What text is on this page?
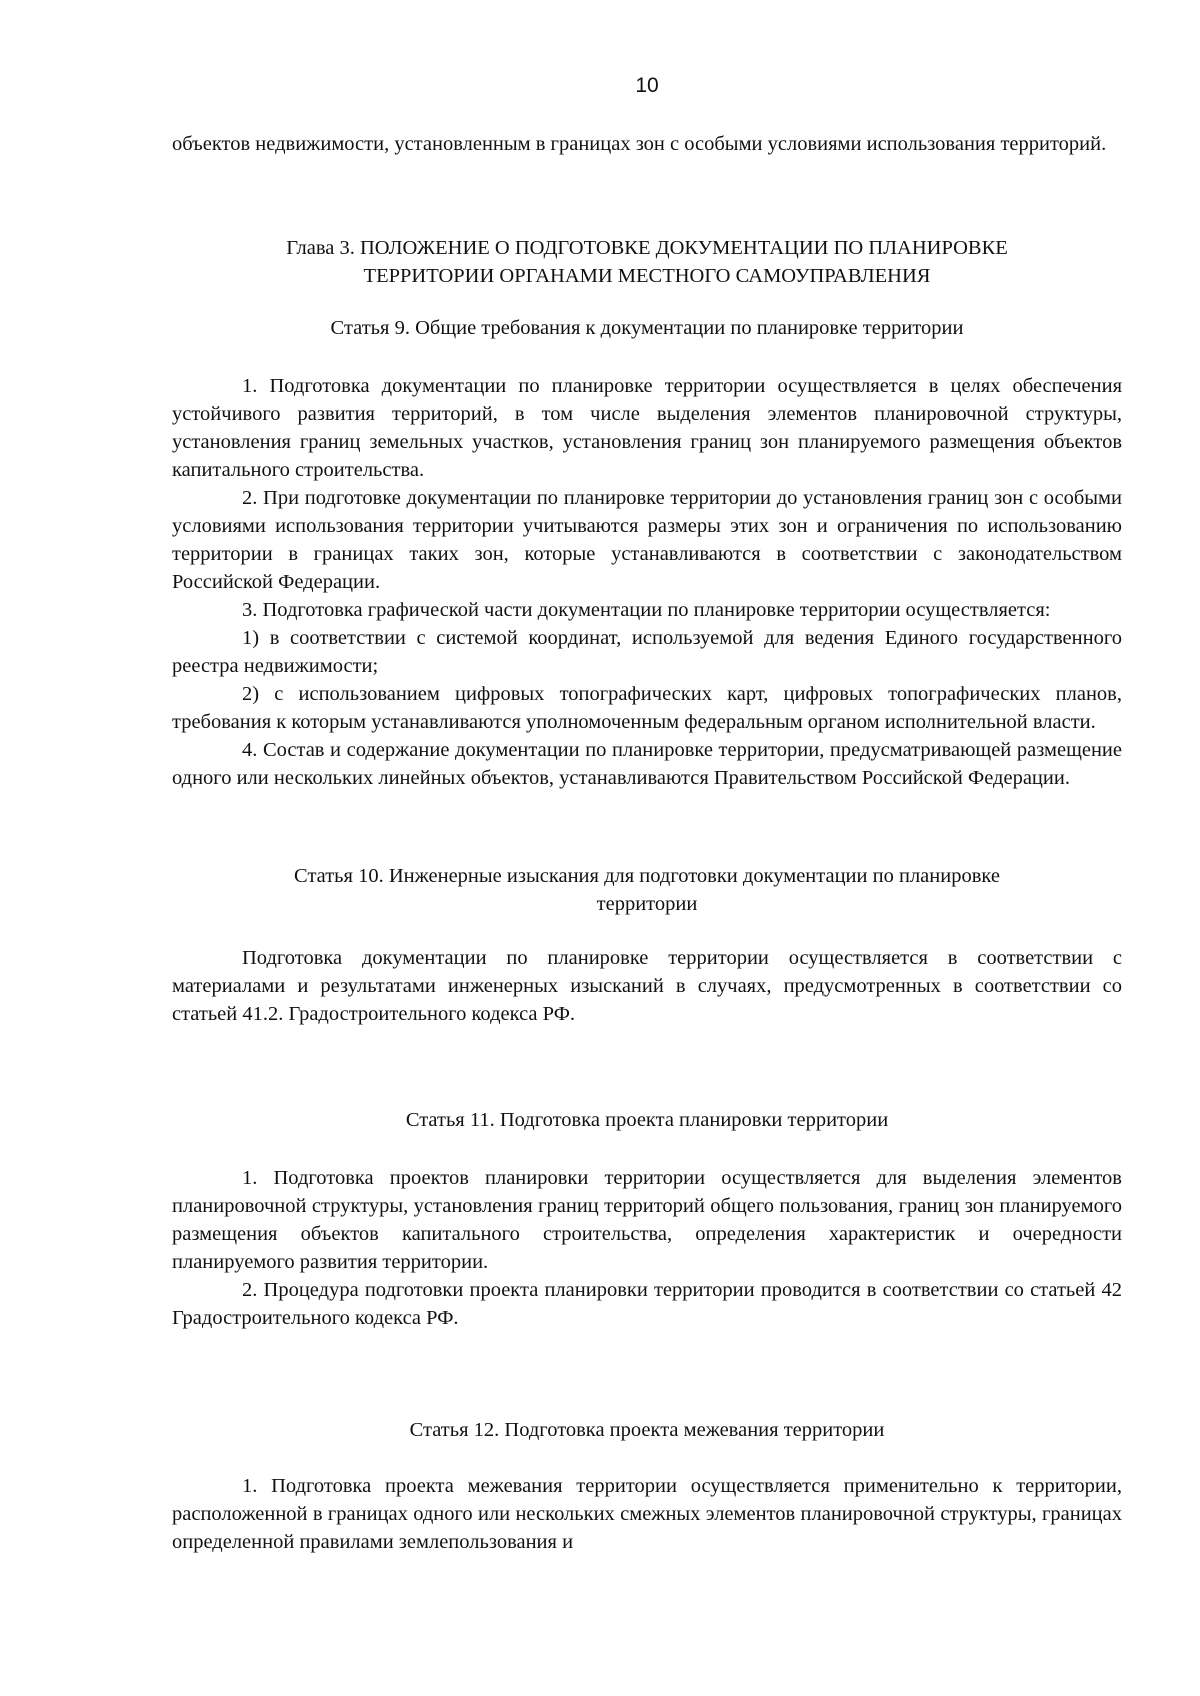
10

объектов недвижимости, установленным в границах зон с особыми условиями использования территорий.

Глава 3. ПОЛОЖЕНИЕ О ПОДГОТОВКЕ ДОКУМЕНТАЦИИ ПО ПЛАНИРОВКЕ
ТЕРРИТОРИИ ОРГАНАМИ МЕСТНОГО САМОУПРАВЛЕНИЯ
Статья 9. Общие требования к документации по планировке территории

1. Подготовка документации по планировке территории осуществляется в целях обеспечения устойчивого развития территорий, в том числе выделения элементов планировочной структуры, установления границ земельных участков, установления границ зон планируемого размещения объектов капитального строительства.

2. При подготовке документации по планировке территории до установления границ зон с особыми условиями использования территории учитываются размеры этих зон и ограничения по использованию территории в границах таких зон, которые устанавливаются в соответствии с законодательством Российской Федерации.

3. Подготовка графической части документации по планировке территории осуществляется:

1) в соответствии с системой координат, используемой для ведения Единого государственного реестра недвижимости;

2) с использованием цифровых топографических карт, цифровых топографических планов, требования к которым устанавливаются уполномоченным федеральным органом исполнительной власти.

4. Состав и содержание документации по планировке территории, предусматривающей размещение одного или нескольких линейных объектов, устанавливаются Правительством Российской Федерации.

Статья 10. Инженерные изыскания для подготовки документации по планировке
территории

Подготовка документации по планировке территории осуществляется в соответствии с материалами и результатами инженерных изысканий в случаях, предусмотренных в соответствии со статьей 41.2. Градостроительного кодекса РФ.

Статья 11. Подготовка проекта планировки территории

1. Подготовка проектов планировки территории осуществляется для выделения элементов планировочной структуры, установления границ территорий общего пользования, границ зон планируемого размещения объектов капитального строительства, определения характеристик и очередности планируемого развития территории.

2. Процедура подготовки проекта планировки территории проводится в соответствии со статьей 42 Градостроительного кодекса РФ.

Статья 12. Подготовка проекта межевания территории

1. Подготовка проекта межевания территории осуществляется применительно к территории, расположенной в границах одного или нескольких смежных элементов планировочной структуры, границах определенной правилами землепользования и
